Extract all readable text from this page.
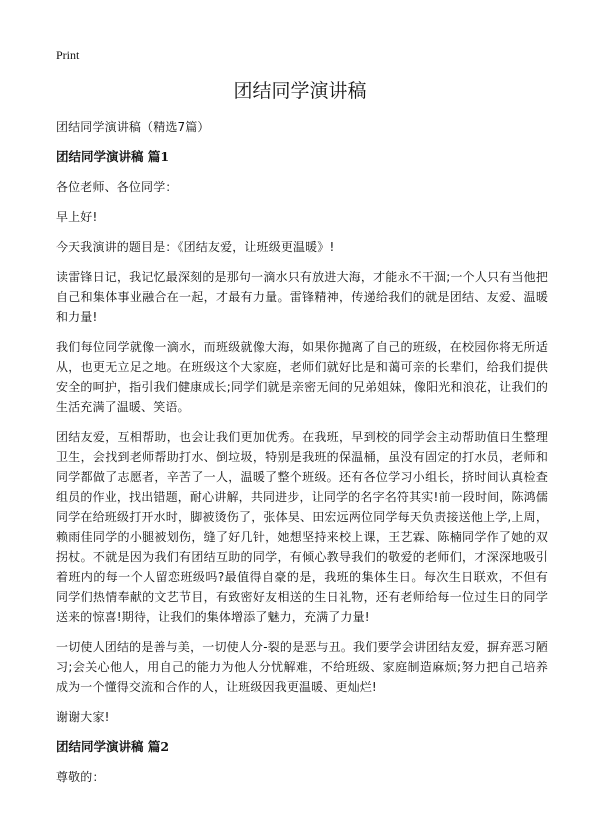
Print
团结同学演讲稿

团结同学演讲稿（精选7篇）

团结同学演讲稿 篇1

各位老师、各位同学：

早上好!

今天我演讲的题目是：《团结友爱，让班级更温暖》!

读雷锋日记，我记忆最深刻的是那句一滴水只有放进大海，才能永不干涸;一个人只有当他把自己和集体事业融合在一起，才最有力量。雷锋精神，传递给我们的就是团结、友爱、温暖和力量!

我们每位同学就像一滴水，而班级就像大海，如果你抛离了自己的班级，在校园你将无所适从，也更无立足之地。在班级这个大家庭，老师们就好比是和蔼可亲的长辈们，给我们提供安全的呵护，指引我们健康成长;同学们就是亲密无间的兄弟姐妹，像阳光和浪花，让我们的生活充满了温暖、笑语。

团结友爱，互相帮助，也会让我们更加优秀。在我班，早到校的同学会主动帮助值日生整理卫生，会找到老师帮助打水、倒垃圾，特别是我班的保温桶，虽没有固定的打水员，老师和同学都做了志愿者，辛苦了一人，温暖了整个班级。还有各位学习小组长，挤时间认真检查组员的作业，找出错题，耐心讲解，共同进步，让同学的名字名符其实!前一段时间，陈鸿儒同学在给班级打开水时，脚被烫伤了，张体昊、田宏远两位同学每天负责接送他上学,上周，赖雨佳同学的小腿被划伤，缝了好几针，她想坚持来校上课，王艺霖、陈楠同学作了她的双拐杖。不就是因为我们有团结互助的同学，有倾心教导我们的敬爱的老师们，才深深地吸引着班内的每一个人留恋班级吗?最值得自豪的是，我班的集体生日。每次生日联欢，不但有同学们热情奉献的文艺节目，有致密好友相送的生日礼物，还有老师给每一位过生日的同学送来的惊喜!期待，让我们的集体增添了魅力，充满了力量!

一切使人团结的是善与美，一切使人分-裂的是恶与丑。我们要学会讲团结友爱，摒弃恶习陋习;会关心他人，用自己的能力为他人分忧解难，不给班级、家庭制造麻烦;努力把自己培养成为一个懂得交流和合作的人，让班级因我更温暖、更灿烂!

谢谢大家!

团结同学演讲稿 篇2

尊敬的：
